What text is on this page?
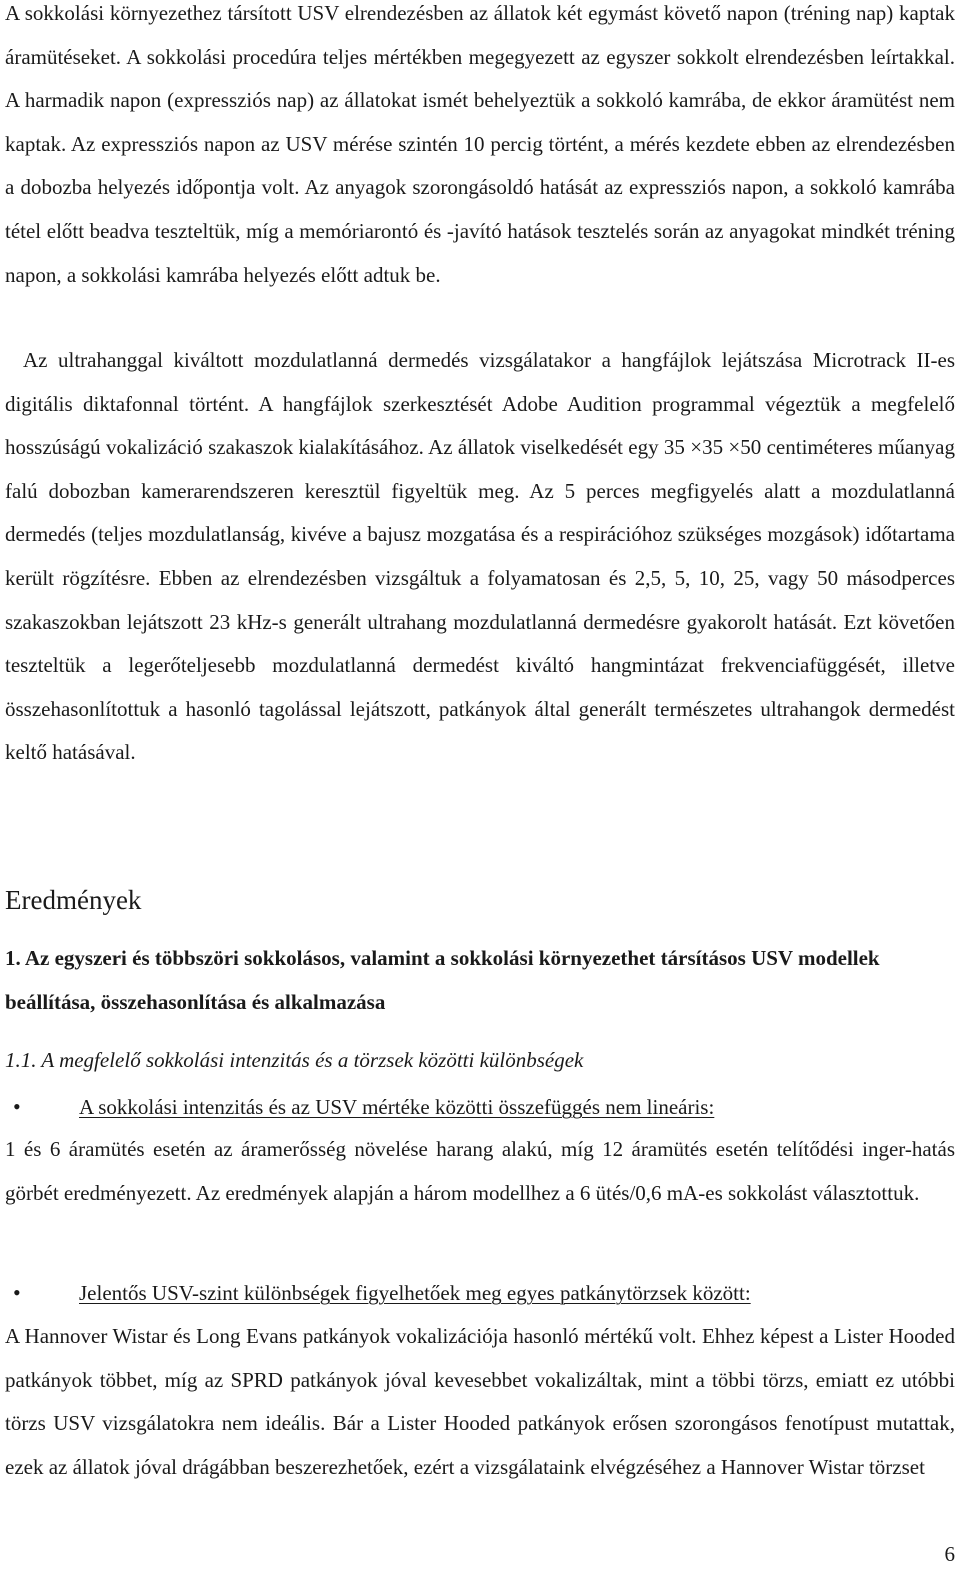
A sokkolási környezethez társított USV elrendezésben az állatok két egymást követő napon (tréning nap) kaptak áramütéseket. A sokkolási procedúra teljes mértékben megegyezett az egyszer sokkolt elrendezésben leírtakkal. A harmadik napon (expressziós nap) az állatokat ismét behelyeztük a sokkoló kamrába, de ekkor áramütést nem kaptak. Az expressziós napon az USV mérése szintén 10 percig történt, a mérés kezdete ebben az elrendezésben a dobozba helyezés időpontja volt. Az anyagok szorongásoldó hatását az expressziós napon, a sokkoló kamrába tétel előtt beadva teszteltük, míg a memóriarontó és -javító hatások tesztelés során az anyagokat mindkét tréning napon, a sokkolási kamrába helyezés előtt adtuk be.

Az ultrahanggal kiváltott mozdulatlanná dermedés vizsgálatakor a hangfájlok lejátszása Microtrack II-es digitális diktafonnal történt. A hangfájlok szerkesztését Adobe Audition programmal végeztük a megfelelő hosszúságú vokalizáció szakaszok kialakításához. Az állatok viselkedését egy 35 ×35 ×50 centiméteres műanyag falú dobozban kamerarendszeren keresztül figyeltük meg. Az 5 perces megfigyelés alatt a mozdulatlanná dermedés (teljes mozdulatlanság, kivéve a bajusz mozgatása és a respirációhoz szükséges mozgások) időtartama került rögzítésre. Ebben az elrendezésben vizsgáltuk a folyamatosan és 2,5, 5, 10, 25, vagy 50 másodperces szakaszokban lejátszott 23 kHz-s generált ultrahang mozdulatlanná dermedésre gyakorolt hatását. Ezt követően teszteltük a legerőteljesebb mozdulatlanná dermedést kiváltó hangmintázat frekvenciafüggését, illetve összehasonlítottuk a hasonló tagolással lejátszott, patkányok által generált természetes ultrahangok dermedést keltő hatásával.

Eredmények
1. Az egyszeri és többszöri sokkolásos, valamint a sokkolási környezethet társításos USV modellek beállítása, összehasonlítása és alkalmazása
1.1. A megfelelő sokkolási intenzitás és a törzsek közötti különbségek
•	A sokkolási intenzitás és az USV mértéke közötti összefüggés nem lineáris:

1 és 6 áramütés esetén az áramerősség növelése harang alakú, míg 12 áramütés esetén telítődési inger-hatás görbét eredményezett. Az eredmények alapján a három modellhez a 6 ütés/0,6 mA-es sokkolást választottuk.

•	Jelentős USV-szint különbségek figyelhetőek meg egyes patkánytörzsek között:

A Hannover Wistar és Long Evans patkányok vokalizációja hasonló mértékű volt. Ehhez képest a Lister Hooded patkányok többet, míg az SPRD patkányok jóval kevesebbet vokalizáltak, mint a többi törzs, emiatt ez utóbbi törzs USV vizsgálatokra nem ideális. Bár a Lister Hooded patkányok erősen szorongásos fenotípust mutattak, ezek az állatok jóval drágábban beszerezhetőek, ezért a vizsgálataink elvégzéséhez a Hannover Wistar törzset

6
